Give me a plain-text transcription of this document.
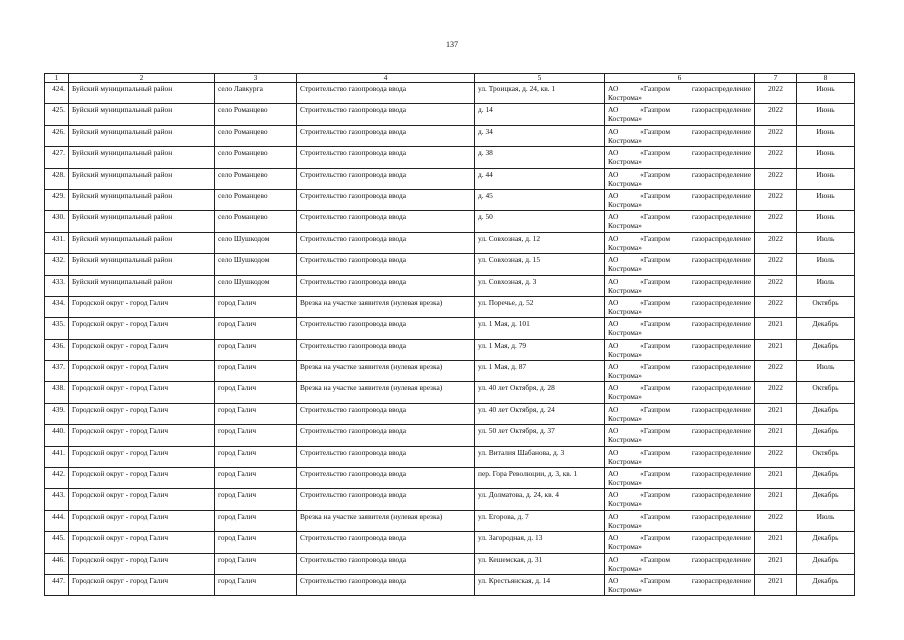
137
1	2	3	4	5	6	7	8
424.	Буйский муниципальный район	село Лавкурга	Строительство газопровода ввода	ул. Троицкая, д. 24, кв. 1	АО «Газпром газораспределение
Кострома»	2022	Июнь
425.	Буйский муниципальный район	село Романцево	Строительство газопровода ввода	д. 14	АО «Газпром газораспределение
Кострома»	2022	Июнь
426.	Буйский муниципальный район	село Романцево	Строительство газопровода ввода	д. 34	АО «Газпром газораспределение
Кострома»	2022	Июнь
427.	Буйский муниципальный район	село Романцево	Строительство газопровода ввода	д. 38	АО «Газпром газораспределение
Кострома»	2022	Июнь
428.	Буйский муниципальный район	село Романцево	Строительство газопровода ввода	д. 44	АО «Газпром газораспределение
Кострома»	2022	Июнь
429.	Буйский муниципальный район	село Романцево	Строительство газопровода ввода	д. 45	АО «Газпром газораспределение
Кострома»	2022	Июнь
430.	Буйский муниципальный район	село Романцево	Строительство газопровода ввода	д. 50	АО «Газпром газораспределение
Кострома»	2022	Июнь
431.	Буйский муниципальный район	село Шушкодом	Строительство газопровода ввода	ул. Совхозная, д. 12	АО «Газпром газораспределение
Кострома»	2022	Июль
432.	Буйский муниципальный район	село Шушкодом	Строительство газопровода ввода	ул. Совхозная, д. 15	АО «Газпром газораспределение
Кострома»	2022	Июль
433.	Буйский муниципальный район	село Шушкодом	Строительство газопровода ввода	ул. Совхозная, д. 3	АО «Газпром газораспределение
Кострома»	2022	Июль
434.	Городской округ - город Галич	город Галич	Врезка на участке заявителя (нулевая врезка)	ул. Поречье, д. 52	АО «Газпром газораспределение
Кострома»	2022	Октябрь
435.	Городской округ - город Галич	город Галич	Строительство газопровода ввода	ул. 1 Мая, д. 101	АО «Газпром газораспределение
Кострома»	2021	Декабрь
436.	Городской округ - город Галич	город Галич	Строительство газопровода ввода	ул. 1 Мая, д. 79	АО «Газпром газораспределение
Кострома»	2021	Декабрь
437.	Городской округ - город Галич	город Галич	Врезка на участке заявителя (нулевая врезка)	ул. 1 Мая, д. 87	АО «Газпром газораспределение
Кострома»	2022	Июль
438.	Городской округ - город Галич	город Галич	Врезка на участке заявителя (нулевая врезка)	ул. 40 лет Октября, д. 28	АО «Газпром газораспределение
Кострома»	2022	Октябрь
439.	Городской округ - город Галич	город Галич	Строительство газопровода ввода	ул. 40 лет Октября, д. 24	АО «Газпром газораспределение
Кострома»	2021	Декабрь
440.	Городской округ - город Галич	город Галич	Строительство газопровода ввода	ул. 50 лет Октября, д. 37	АО «Газпром газораспределение
Кострома»	2021	Декабрь
441.	Городской округ - город Галич	город Галич	Строительство газопровода ввода	ул. Виталия Шабанова, д. 3	АО «Газпром газораспределение
Кострома»	2022	Октябрь
442.	Городской округ - город Галич	город Галич	Строительство газопровода ввода	пер. Гора Революции, д. 3, кв. 1	АО «Газпром газораспределение
Кострома»	2021	Декабрь
443.	Городской округ - город Галич	город Галич	Строительство газопровода ввода	ул. Долматова, д. 24, кв. 4	АО «Газпром газораспределение
Кострома»	2021	Декабрь
444.	Городской округ - город Галич	город Галич	Врезка на участке заявителя (нулевая врезка)	ул. Егорова, д. 7	АО «Газпром газораспределение
Кострома»	2022	Июль
445.	Городской округ - город Галич	город Галич	Строительство газопровода ввода	ул. Загородная, д. 13	АО «Газпром газораспределение
Кострома»	2021	Декабрь
446.	Городской округ - город Галич	город Галич	Строительство газопровода ввода	ул. Кешемская, д. 31	АО «Газпром газораспределение
Кострома»	2021	Декабрь
447.	Городской округ - город Галич	город Галич	Строительство газопровода ввода	ул. Крестьянская, д. 14	АО «Газпром газораспределение
Кострома»	2021	Декабрь
